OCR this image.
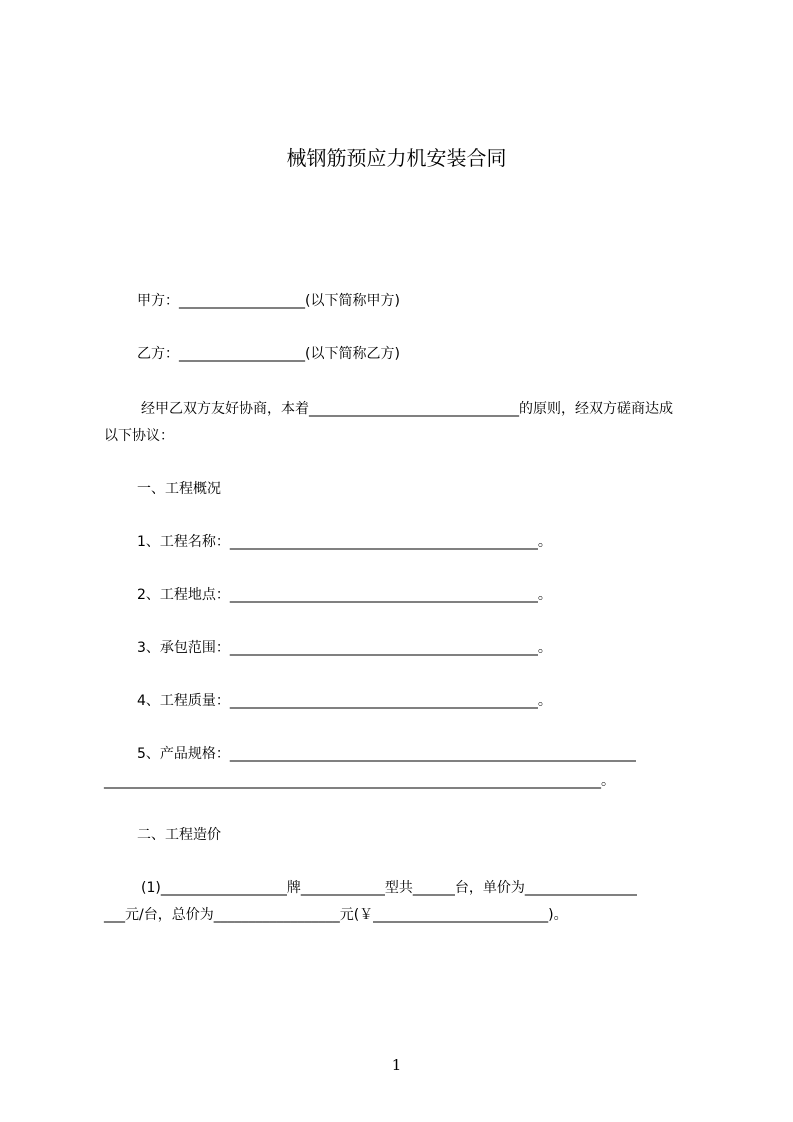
械钢筋预应力机安装合同
甲方：__________________(以下简称甲方)
乙方：__________________(以下简称乙方)
经甲乙双方友好协商，本着______________________________的原则，经双方磋商达成
以下协议：
一、工程概况
1、工程名称：____________________________________________。
2、工程地点：____________________________________________。
3、承包范围：____________________________________________。
4、工程质量：____________________________________________。
5、产品规格：__________________________________________________________
_______________________________________________________________________。
二、工程造价
(1)__________________牌____________型共______台，单价为________________
___元/台，总价为__________________元(￥_________________________)。
1
